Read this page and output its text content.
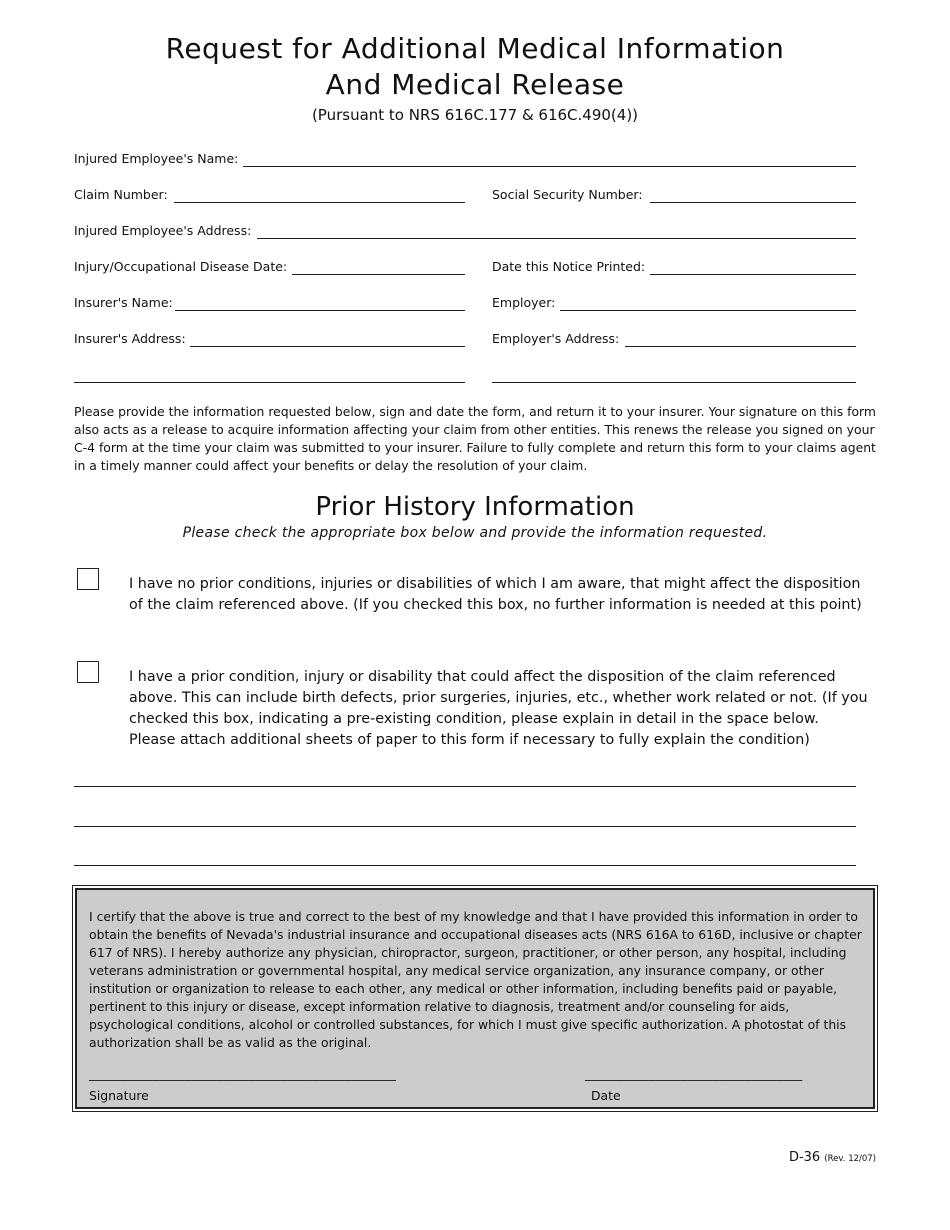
Request for Additional Medical Information
And Medical Release
(Pursuant to NRS 616C.177 & 616C.490(4))
Injured Employee's Name:
Claim Number:	Social Security Number:
Injured Employee's Address:
Injury/Occupational Disease Date:	Date this Notice Printed:
Insurer's Name:	Employer:
Insurer's Address:	Employer's Address:
Please provide the information requested below, sign and date the form, and return it to your insurer. Your signature on this form also acts as a release to acquire information affecting your claim from other entities. This renews the release you signed on your C-4 form at the time your claim was submitted to your insurer. Failure to fully complete and return this form to your claims agent in a timely manner could affect your benefits or delay the resolution of your claim.
Prior History Information
Please check the appropriate box below and provide the information requested.
I have no prior conditions, injuries or disabilities of which I am aware, that might affect the disposition of the claim referenced above. (If you checked this box, no further information is needed at this point)
I have a prior condition, injury or disability that could affect the disposition of the claim referenced above. This can include birth defects, prior surgeries, injuries, etc., whether work related or not. (If you checked this box, indicating a pre-existing condition, please explain in detail in the space below. Please attach additional sheets of paper to this form if necessary to fully explain the condition)
I certify that the above is true and correct to the best of my knowledge and that I have provided this information in order to obtain the benefits of Nevada's industrial insurance and occupational diseases acts (NRS 616A to 616D, inclusive or chapter 617 of NRS). I hereby authorize any physician, chiropractor, surgeon, practitioner, or other person, any hospital, including veterans administration or governmental hospital, any medical service organization, any insurance company, or other institution or organization to release to each other, any medical or other information, including benefits paid or payable, pertinent to this injury or disease, except information relative to diagnosis, treatment and/or counseling for aids, psychological conditions, alcohol or controlled substances, for which I must give specific authorization. A photostat of this authorization shall be as valid as the original.
________________________________________________	__________________________________
Signature	Date
D-36 (Rev. 12/07)
